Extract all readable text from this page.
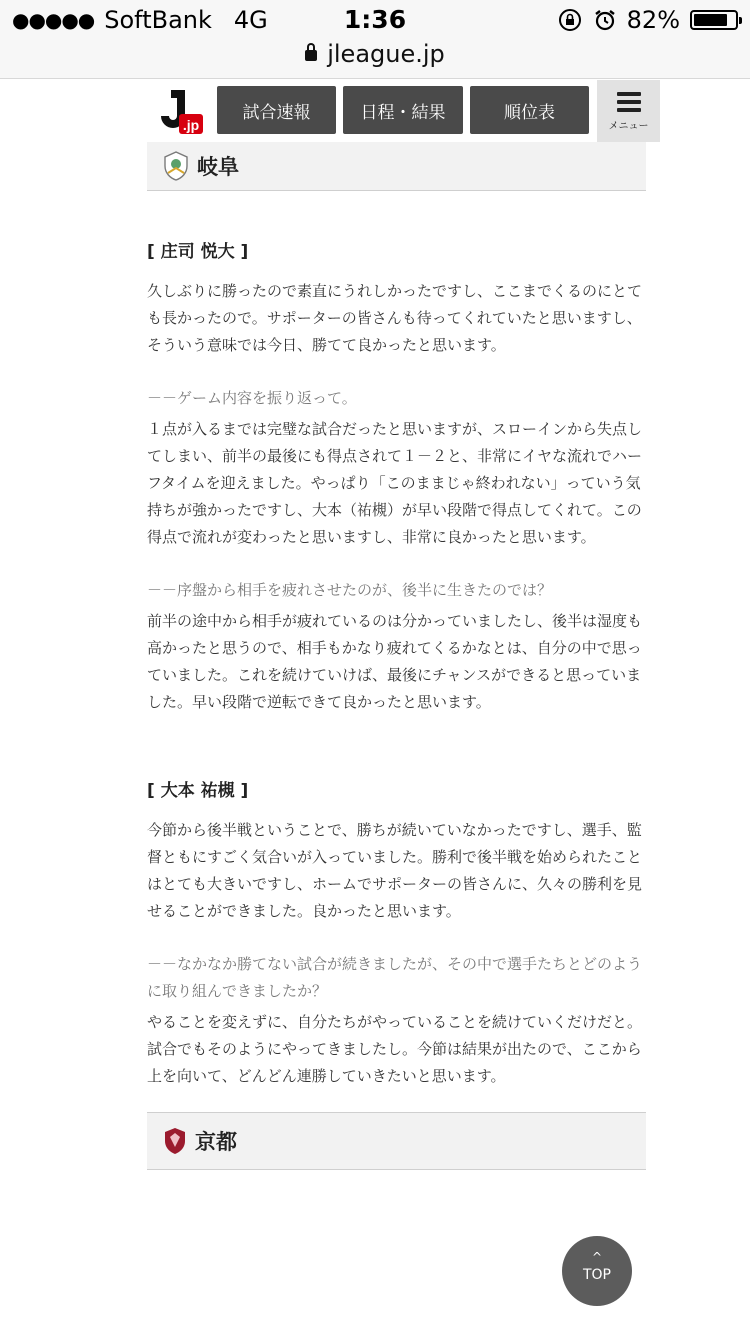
●●●●● SoftBank 4G	1:36	82%
jleague.jp
.jp
試合速報	日程・結果	順位表
メニュー
岐阜
[ 庄司 悦大 ]

久しぶりに勝ったので素直にうれしかったですし、ここまでくるのにとても長かったので。サポーターの皆さんも待ってくれていたと思いますし、そういう意味では今日、勝てて良かったと思います。

－－ゲーム内容を振り返って。

１点が入るまでは完璧な試合だったと思いますが、スローインから失点してしまい、前半の最後にも得点されて１－２と、非常にイヤな流れでハーフタイムを迎えました。やっぱり「このままじゃ終われない」っていう気持ちが強かったですし、大本（祐槻）が早い段階で得点してくれて。この得点で流れが変わったと思いますし、非常に良かったと思います。

－－序盤から相手を疲れさせたのが、後半に生きたのでは？

前半の途中から相手が疲れているのは分かっていましたし、後半は湿度も高かったと思うので、相手もかなり疲れてくるかなとは、自分の中で思っていました。これを続けていけば、最後にチャンスができると思っていました。早い段階で逆転できて良かったと思います。

[ 大本 祐槻 ]

今節から後半戦ということで、勝ちが続いていなかったですし、選手、監督ともにすごく気合いが入っていました。勝利で後半戦を始められたことはとても大きいですし、ホームでサポーターの皆さんに、久々の勝利を見せることができました。良かったと思います。

－－なかなか勝てない試合が続きましたが、その中で選手たちとどのように取り組んできましたか？

やることを変えずに、自分たちがやっていることを続けていくだけだと。試合でもそのようにやってきましたし。今節は結果が出たので、ここから上を向いて、どんどん連勝していきたいと思います。

京都
^
TOP
